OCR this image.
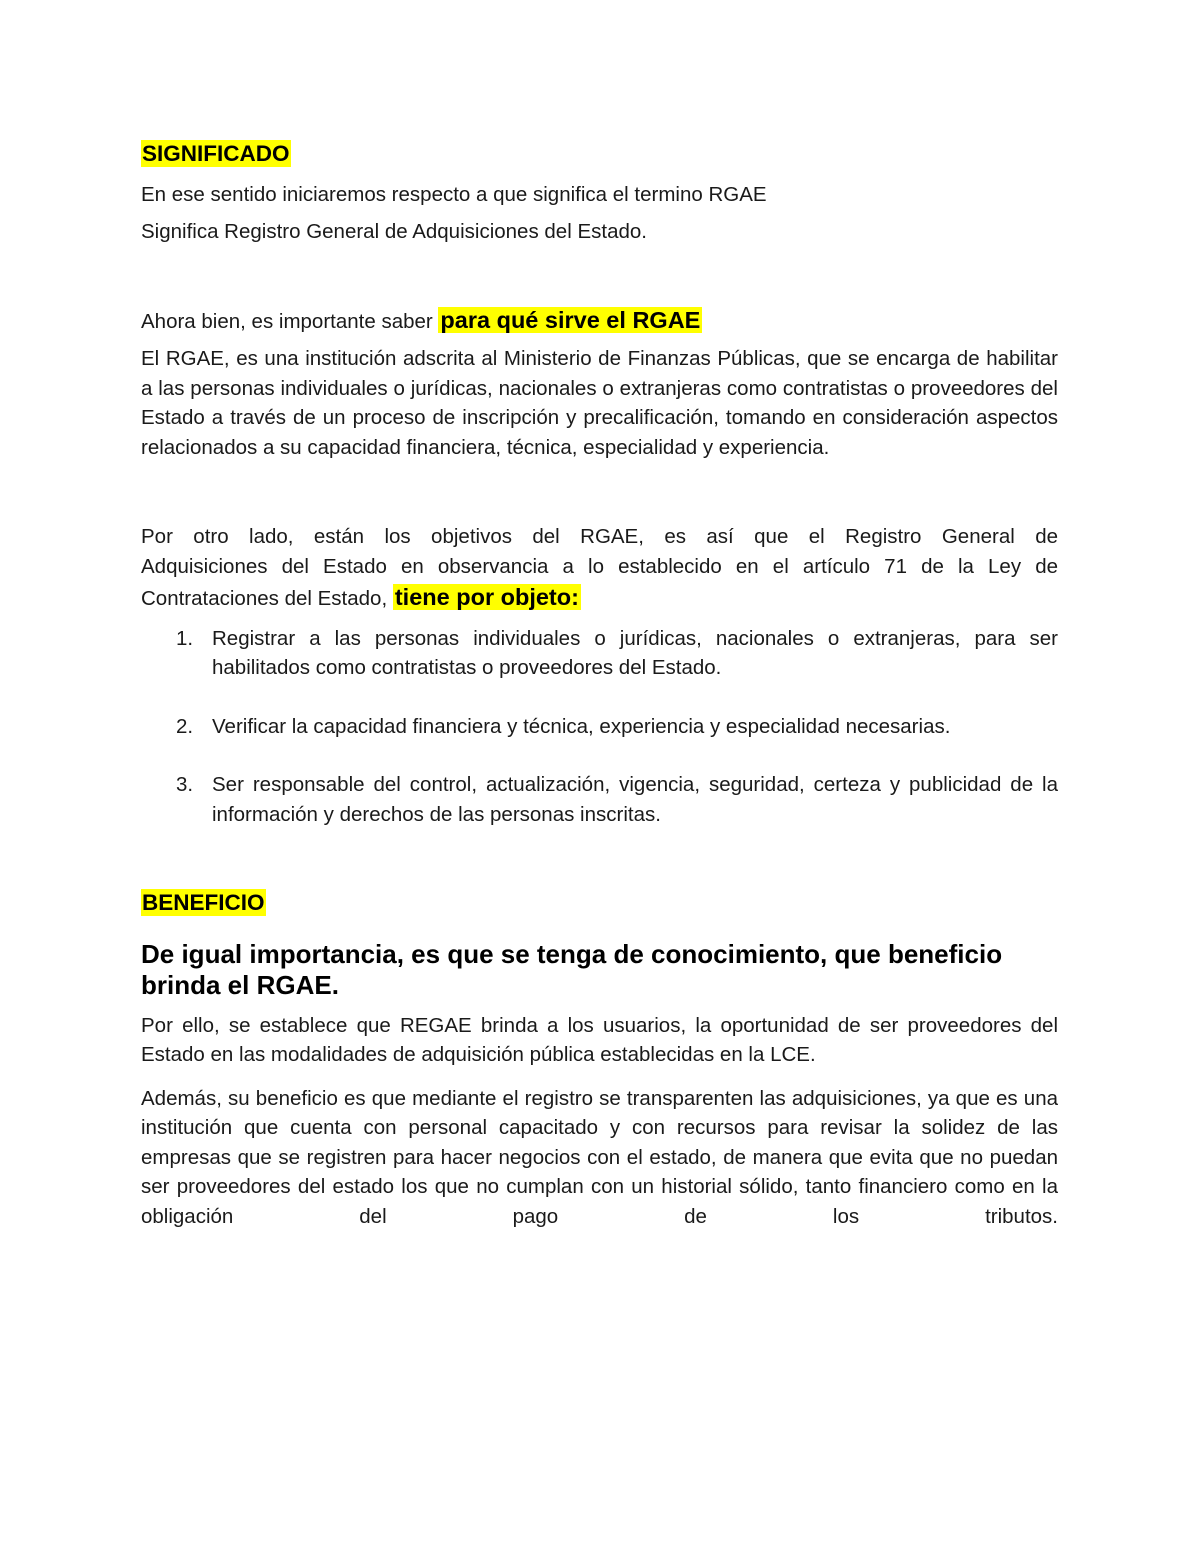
SIGNIFICADO

En ese sentido iniciaremos respecto a que significa el termino RGAE

Significa Registro General de Adquisiciones del Estado.

Ahora bien, es importante saber para qué sirve el RGAE

El RGAE, es una institución adscrita al Ministerio de Finanzas Públicas, que se encarga de habilitar a las personas individuales o jurídicas, nacionales o extranjeras como contratistas o proveedores del Estado a través de un proceso de inscripción y precalificación, tomando en consideración aspectos relacionados a su capacidad financiera, técnica, especialidad y experiencia.

Por otro lado, están los objetivos del RGAE, es así que el Registro General de

Adquisiciones del Estado en observancia a lo establecido en el artículo 71 de la Ley de

Contrataciones del Estado, tiene por objeto:

1. Registrar a las personas individuales o jurídicas, nacionales o extranjeras, para ser habilitados como contratistas o proveedores del Estado.
2. Verificar la capacidad financiera y técnica, experiencia y especialidad necesarias.
3. Ser responsable del control, actualización, vigencia, seguridad, certeza y publicidad de la información y derechos de las personas inscritas.
BENEFICIO

De igual importancia, es que se tenga de conocimiento, que beneficio brinda el RGAE.

Por ello, se establece que REGAE brinda a los usuarios, la oportunidad de ser proveedores del Estado en las modalidades de adquisición pública establecidas en la LCE.

Además, su beneficio es que mediante el registro se transparenten las adquisiciones, ya que es una institución que cuenta con personal capacitado y con recursos para revisar la solidez de las empresas que se registren para hacer negocios con el estado, de manera que evita que no puedan ser proveedores del estado los que no cumplan con un historial sólido, tanto financiero como en la obligación del pago de los tributos.
